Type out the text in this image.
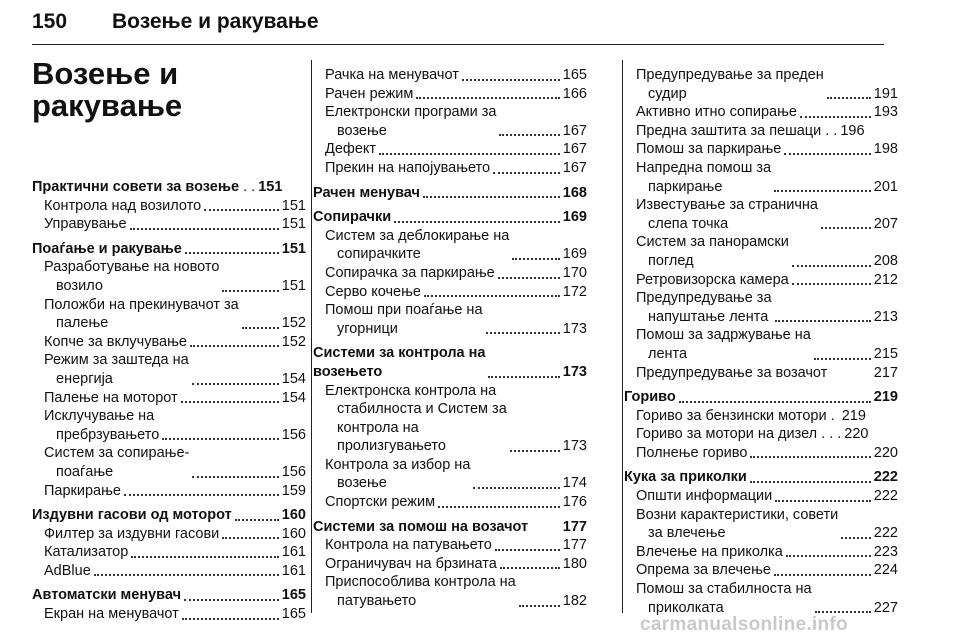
150 Возење и ракување
Возење и ракување
Практични совети за возење . . 151
Контрола над возилото	151
Управување	151
Поаѓање и ракување	151
Разработување на новото
возило	151
Положби на прекинувачот за
палење	152
Копче за вклучување	152
Режим за заштеда на
енергија	154
Палење на моторот	154
Исклучување на
пребрзувањето	156
Систем за сопирање-
поаѓање	156
Паркирање	159
Издувни гасови од моторот	160
Филтер за издувни гасови	160
Катализатор	161
AdBlue	161
Автоматски менувач	165
Екран на менувачот	165
Рачка на менувачот	165
Рачен режим	166
Електронски програми за
возење	167
Дефект	167
Прекин на напојувањето	167
Рачен менувач	168
Сопирачки	169
Систем за деблокирање на
сопирачките	169
Сопирачка за паркирање	170
Серво кочење	172
Помош при поаѓање на
угорници	173
Системи за контрола на
возењето	173
Електронска контрола на
стабилноста и Систем за
контрола на
пролизгувањето	173
Контрола за избор на
возење	174
Спортски режим	176
Системи за помош на возачот 177
Контрола на патувањето	177
Ограничувач на брзината	180
Приспособлива контрола на
патувањето	182
Предупредување за преден
судир	191
Активно итно сопирање	193
Предна заштита за пешаци . . 196
Помош за паркирање	198
Напредна помош за
паркирање	201
Известување за странична
слепа точка	207
Систем за панорамски
поглед	208
Ретровизорска камера	212
Предупредување за
напуштање лента	213
Помош за задржување на
лента	215
Предупредување за возачот	217
Гориво	219
Гориво за бензински мотори . 219
Гориво за мотори на дизел . . . 220
Полнење гориво	220
Кука за приколки	222
Општи информации	222
Возни карактеристики, совети
за влечење	222
Влечење на приколка	223
Опрема за влечење	224
Помош за стабилноста на
приколката	227
carmanualsonline.info
